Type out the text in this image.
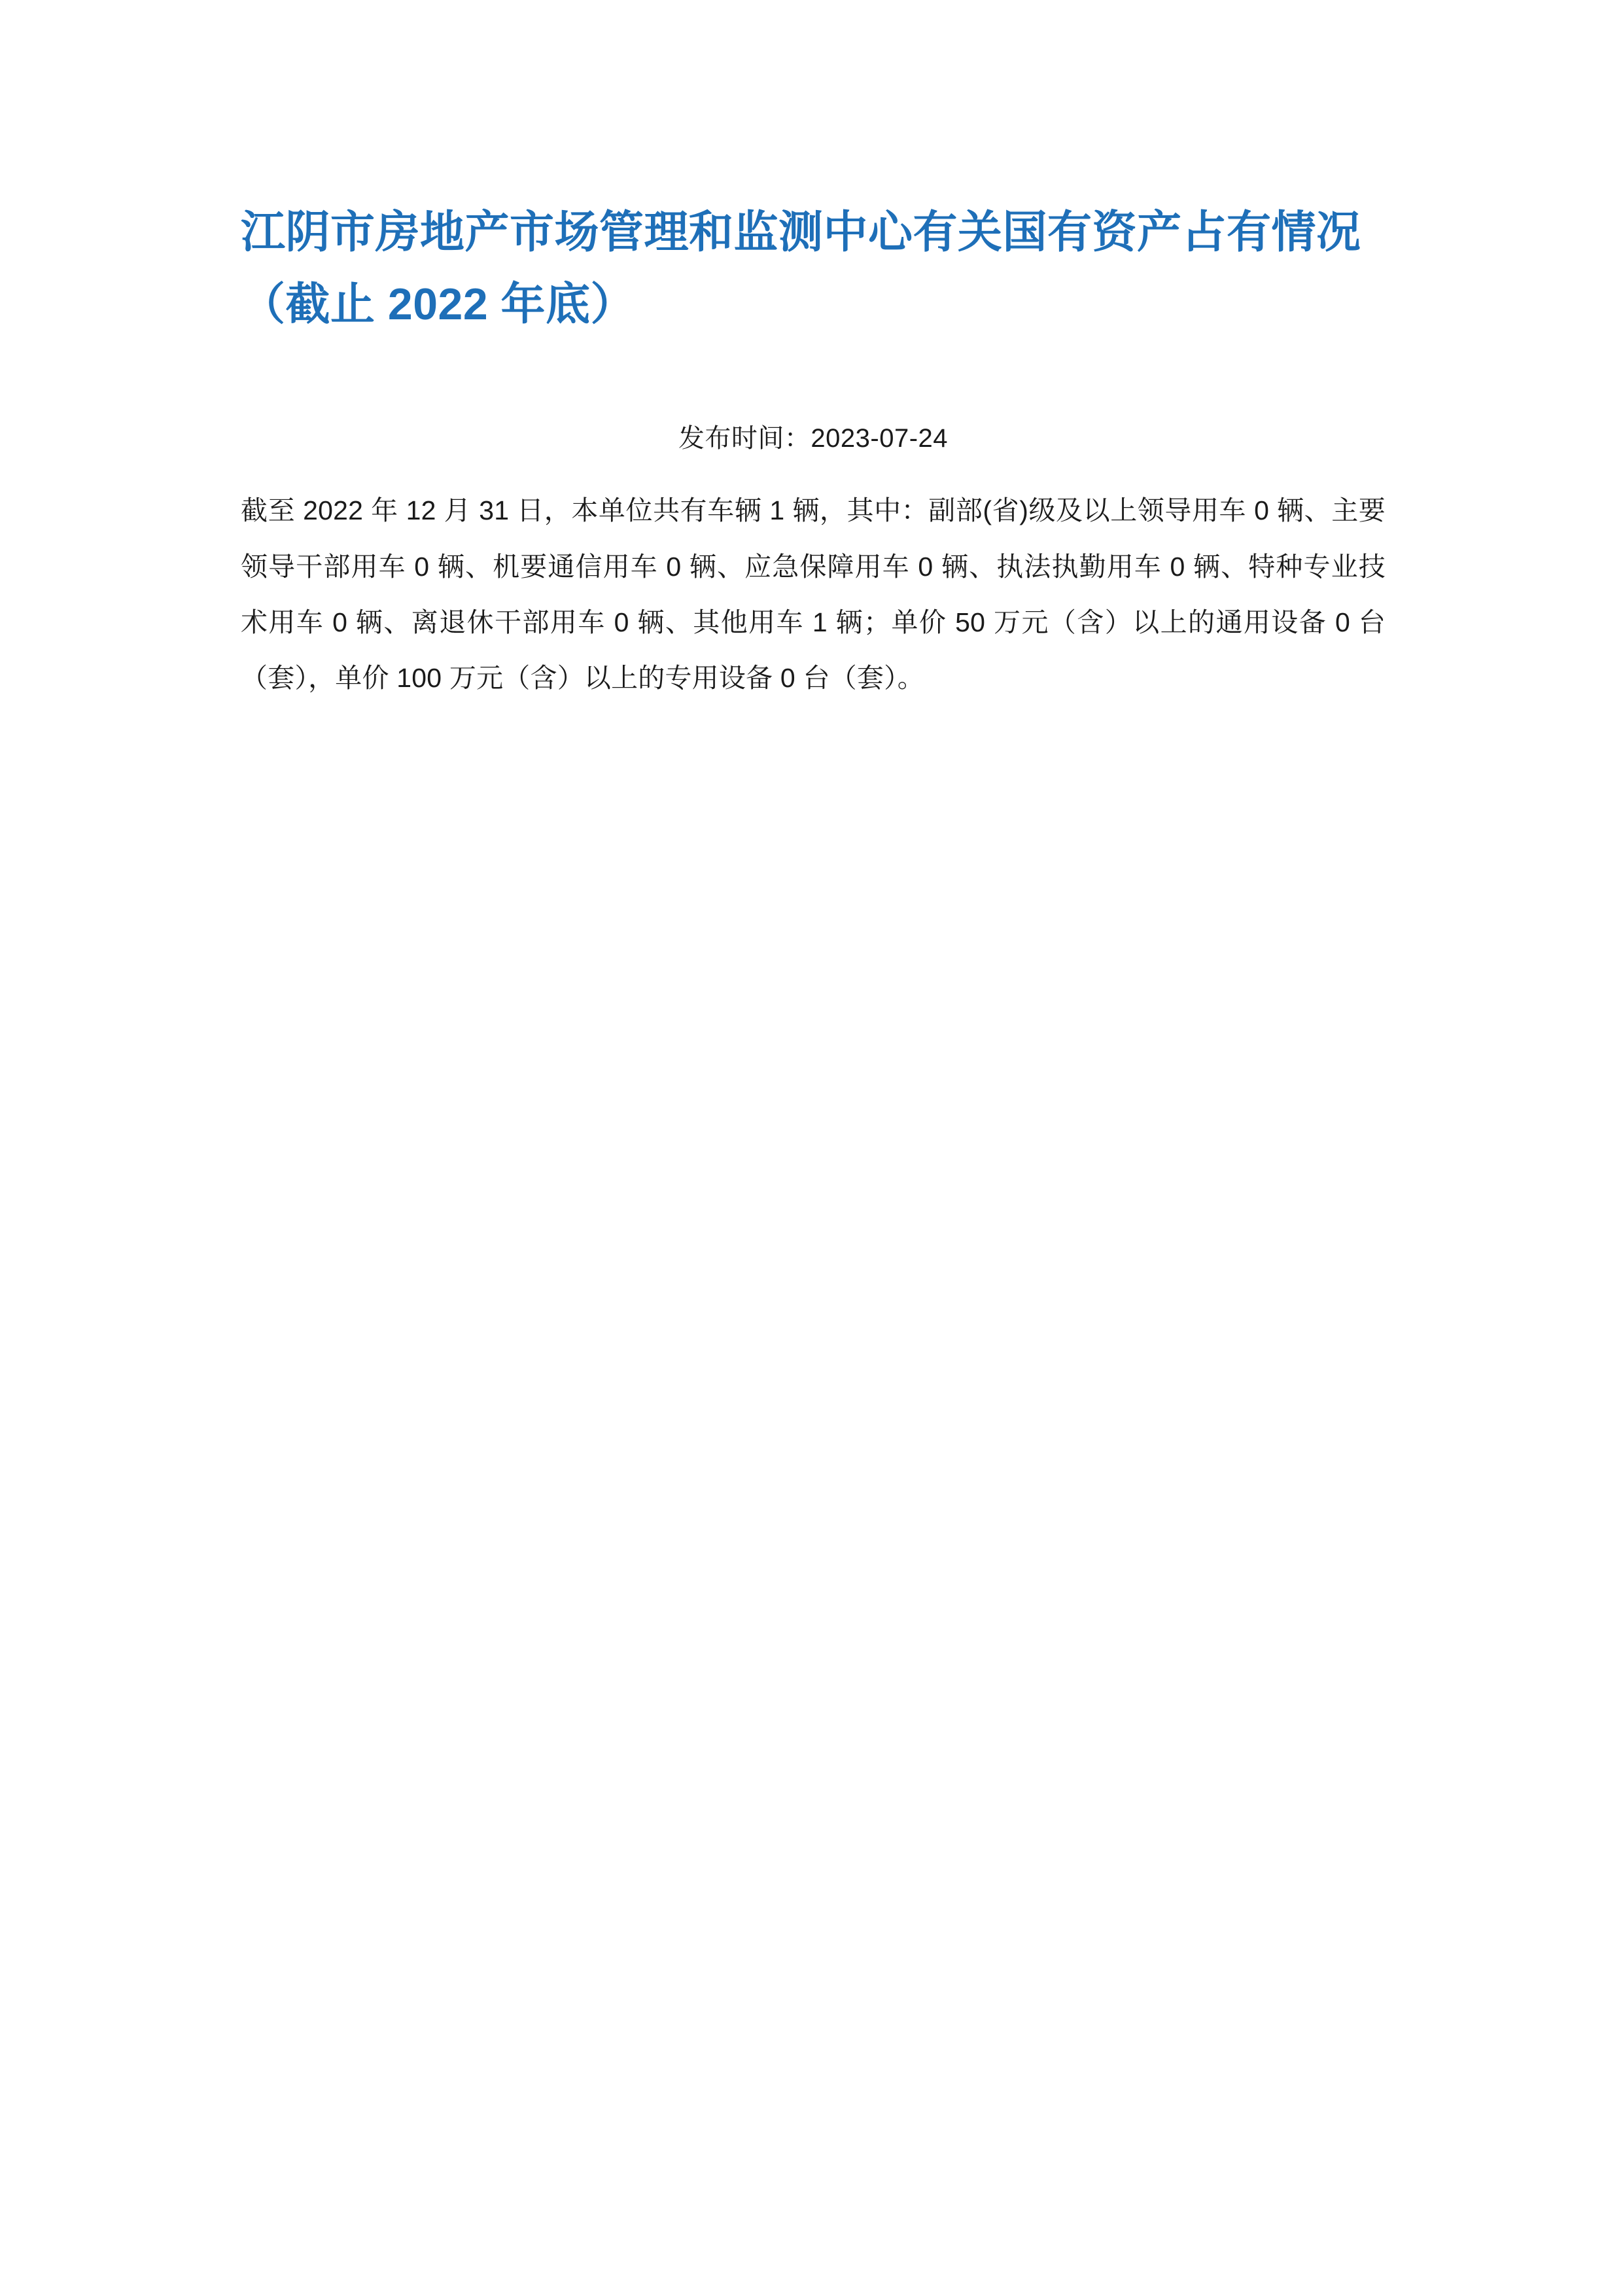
江阴市房地产市场管理和监测中心有关国有资产占有情况（截止 2022 年底）
发布时间：2023-07-24

截至 2022 年 12 月 31 日，本单位共有车辆 1 辆，其中：副部(省)级及以上领导用车 0 辆、主要领导干部用车 0 辆、机要通信用车 0 辆、应急保障用车 0 辆、执法执勤用车 0 辆、特种专业技术用车 0 辆、离退休干部用车 0 辆、其他用车 1 辆；单价 50 万元（含）以上的通用设备 0 台（套），单价 100 万元（含）以上的专用设备 0 台（套）。
